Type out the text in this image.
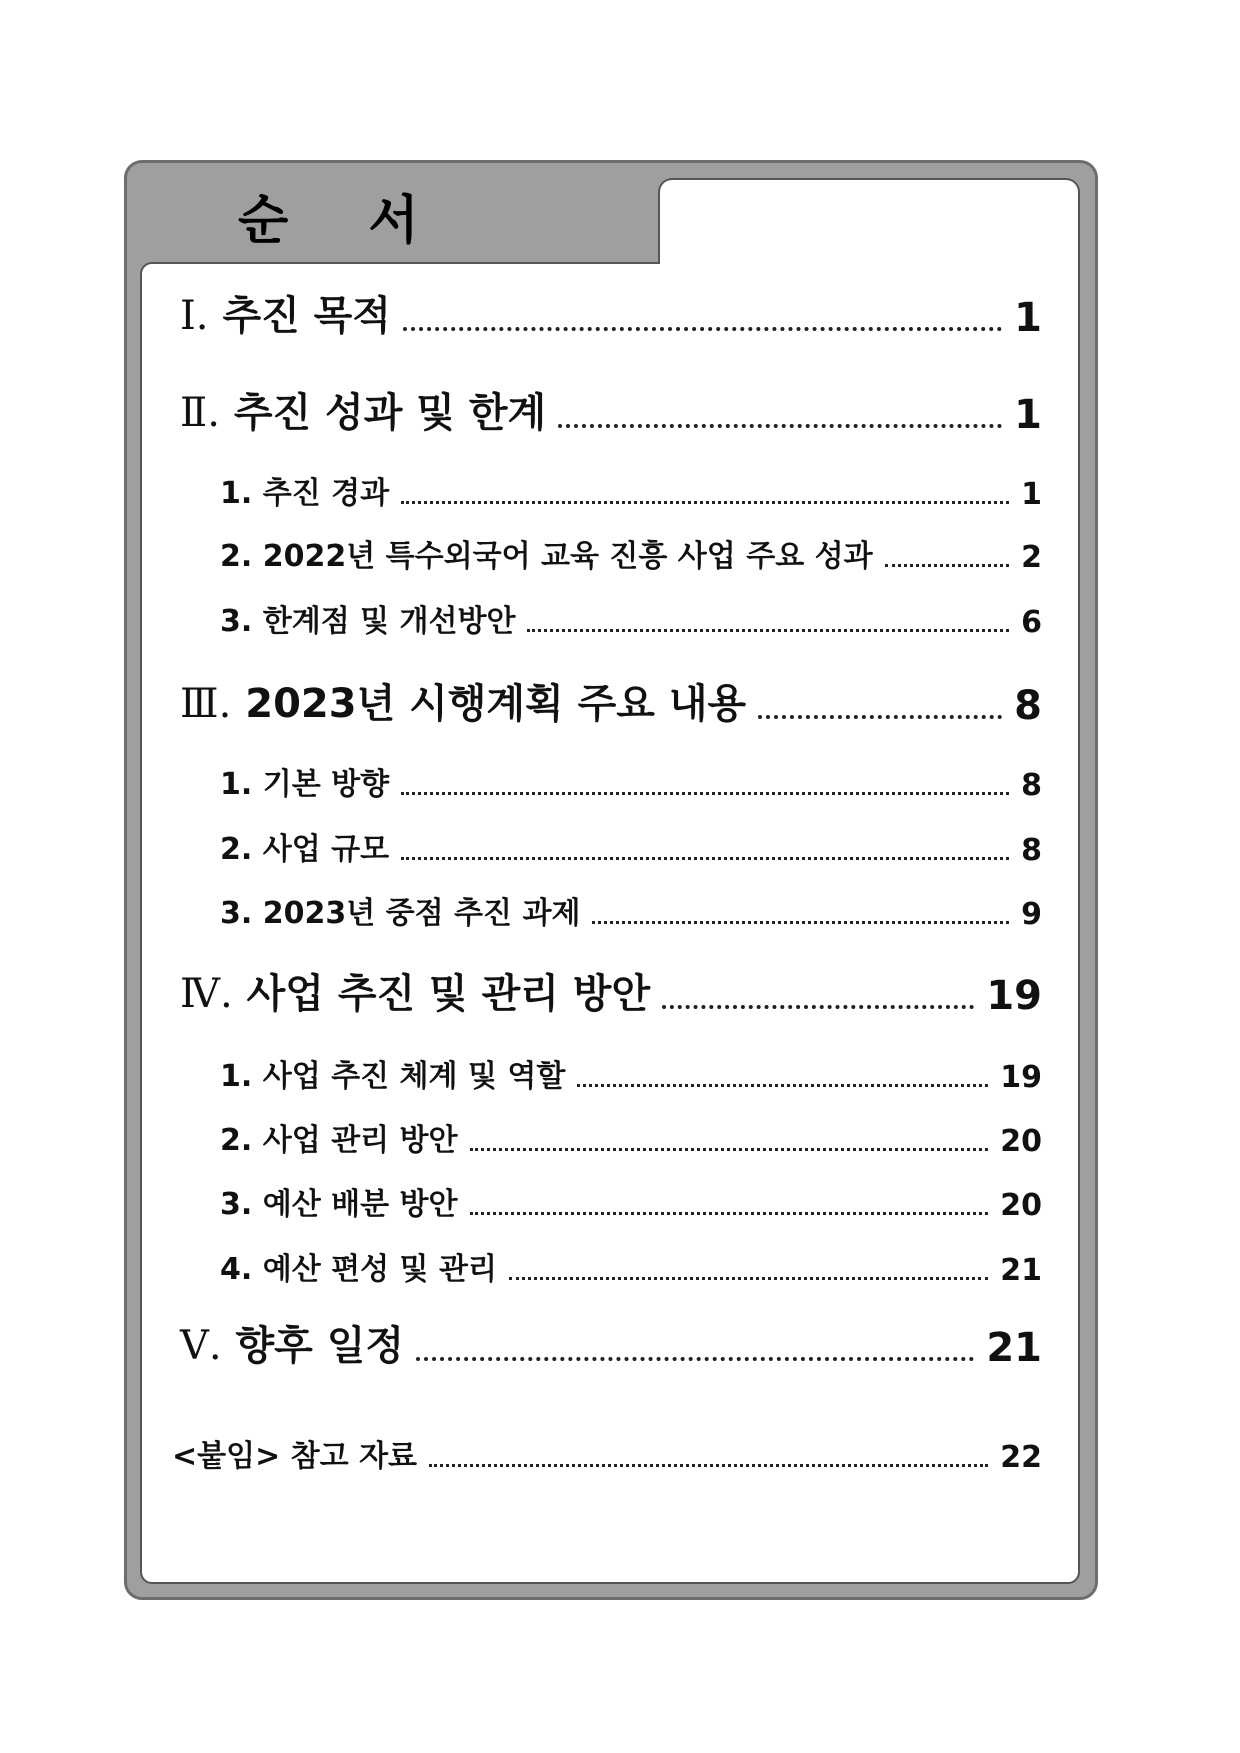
순 서
Ⅰ. 추진 목적	1
Ⅱ. 추진 성과 및 한계	1
1. 추진 경과	1
2. 2022년 특수외국어 교육 진흥 사업 주요 성과	2
3. 한계점 및 개선방안	6
Ⅲ. 2023년 시행계획 주요 내용	8
1. 기본 방향	8
2. 사업 규모	8
3. 2023년 중점 추진 과제	9
Ⅳ. 사업 추진 및 관리 방안	19
1. 사업 추진 체계 및 역할	19
2. 사업 관리 방안	20
3. 예산 배분 방안	20
4. 예산 편성 및 관리	21
Ⅴ. 향후 일정	21
<붙임> 참고 자료	22
